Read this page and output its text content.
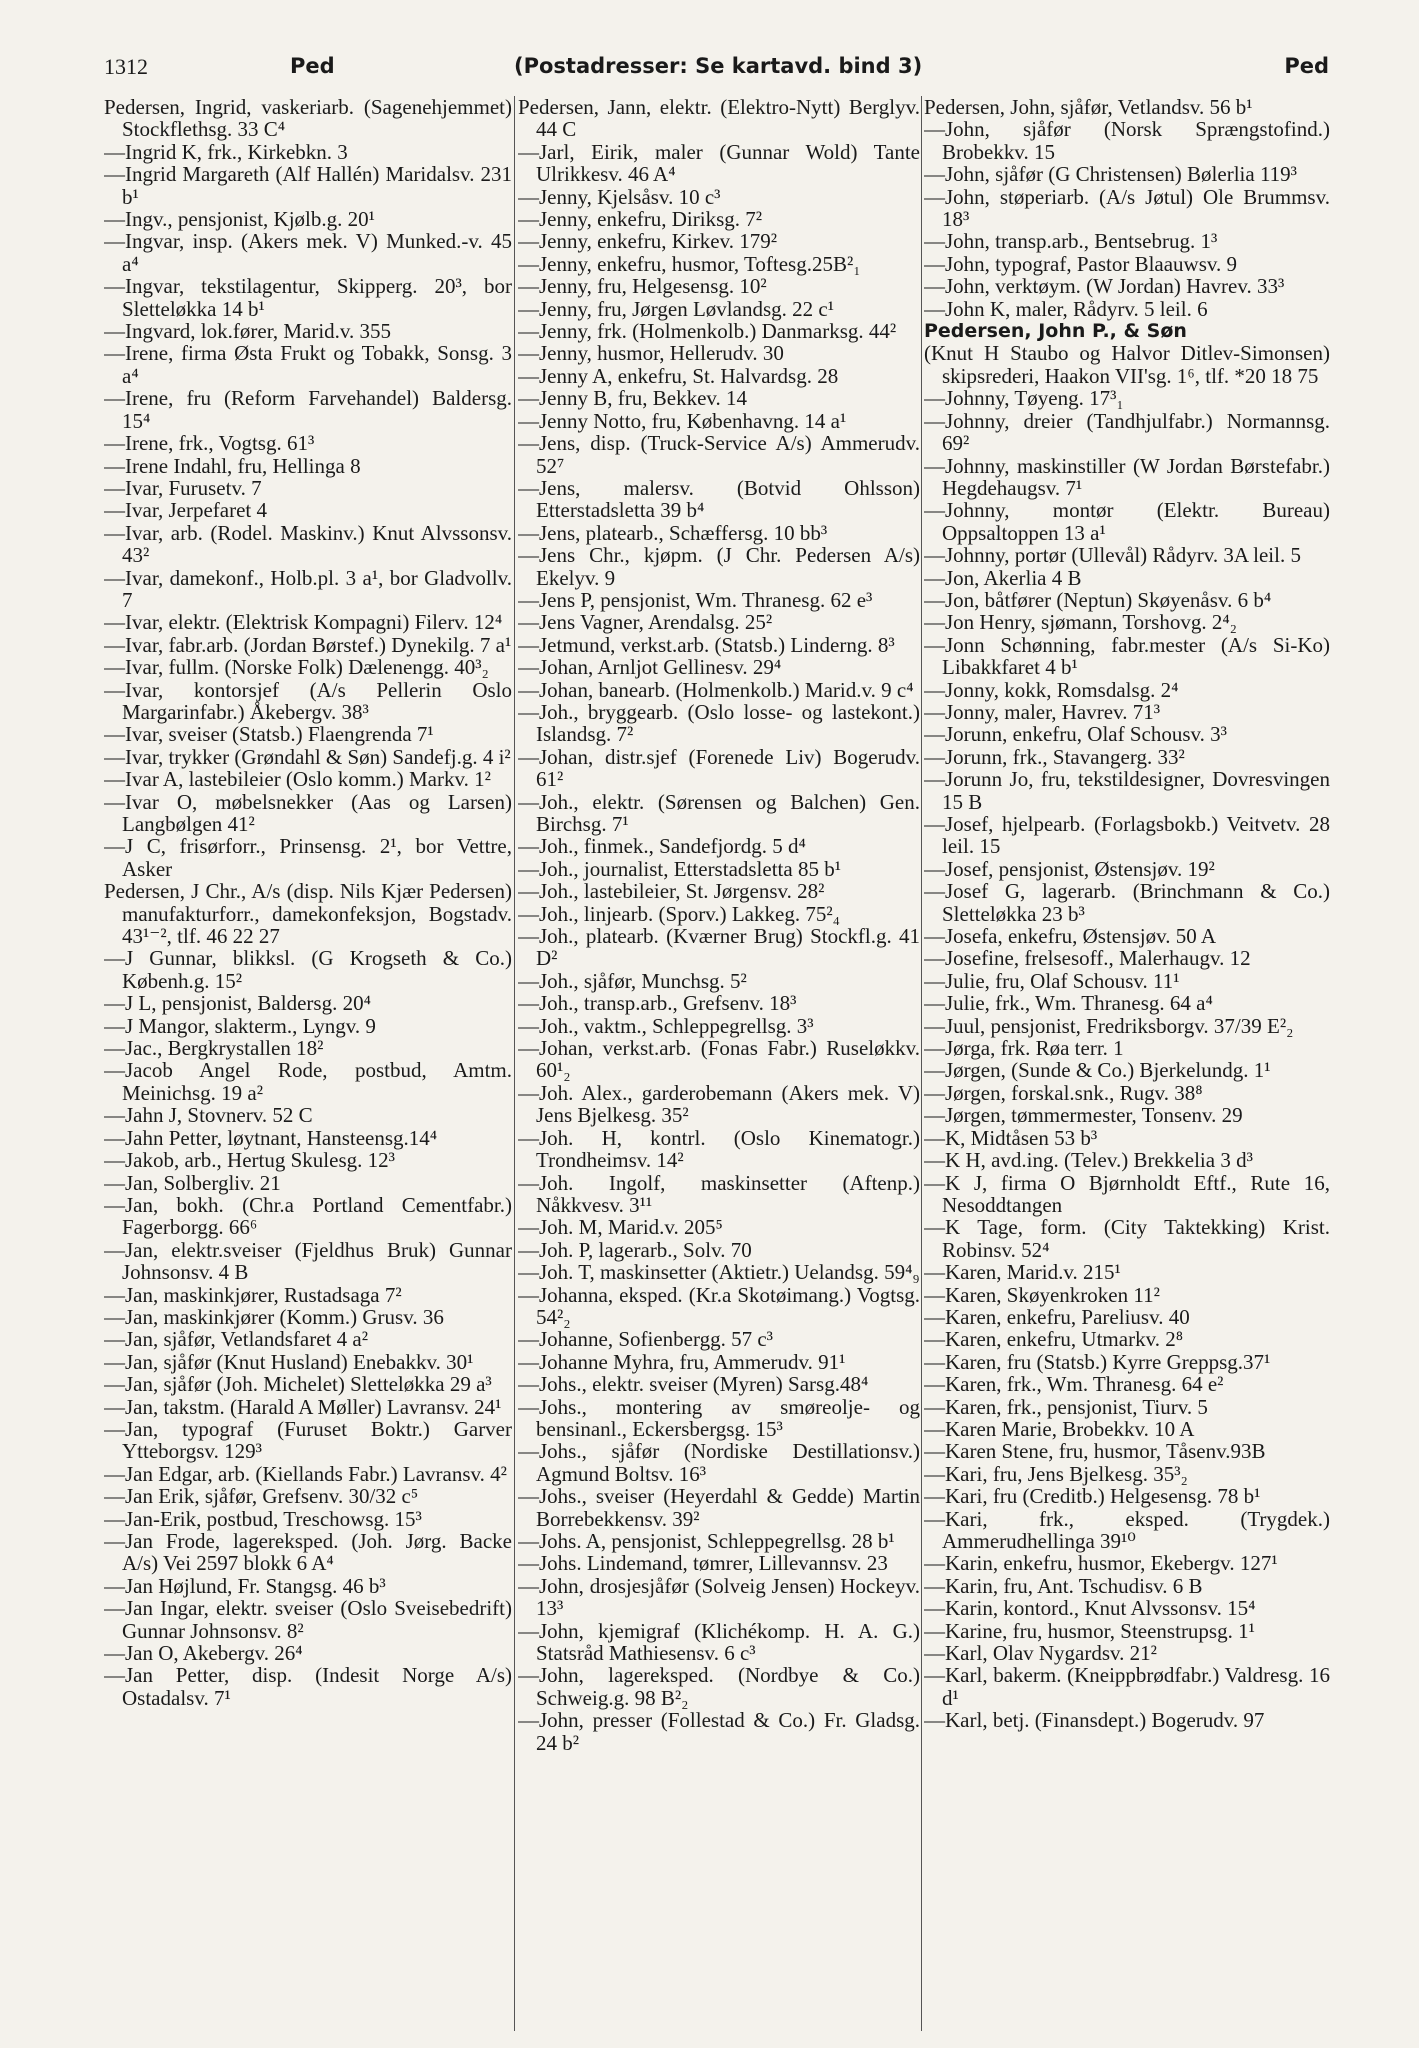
1312	Ped	(Postadresser: Se kartavd. bind 3)	Ped
Pedersen, Ingrid, vaskeriarb. (Sagenehjemmet) Stockflethsg. 33 C⁴
—Ingrid K, frk., Kirkebkn. 3
—Ingrid Margareth (Alf Hallén) Maridalsv. 231 b¹
—Ingv., pensjonist, Kjølb.g. 20¹
—Ingvar, insp. (Akers mek. V) Munked.-v. 45 a⁴
—Ingvar, tekstilagentur, Skipperg. 20³, bor Sletteløkka 14 b¹
—Ingvard, lok.fører, Marid.v. 355
—Irene, firma Østa Frukt og Tobakk, Sonsg. 3 a⁴
—Irene, fru (Reform Farvehandel) Baldersg. 15⁴
—Irene, frk., Vogtsg. 61³
—Irene Indahl, fru, Hellinga 8
—Ivar, Furusetv. 7
—Ivar, Jerpefaret 4
—Ivar, arb. (Rodel. Maskinv.) Knut Alvssonsv. 43²
—Ivar, damekonf., Holb.pl. 3 a¹, bor Gladvollv. 7
—Ivar, elektr. (Elektrisk Kompagni) Filerv. 12⁴
—Ivar, fabr.arb. (Jordan Børstef.) Dynekilg. 7 a¹
—Ivar, fullm. (Norske Folk) Dælenengg. 40³₂
—Ivar, kontorsjef (A/s Pellerin Oslo Margarinfabr.) Åkebergv. 38³
—Ivar, sveiser (Statsb.) Flaengrenda 7¹
—Ivar, trykker (Grøndahl & Søn) Sandefj.g. 4 i²
—Ivar A, lastebileier (Oslo komm.) Markv. 1²
—Ivar O, møbelsnekker (Aas og Larsen) Langbølgen 41²
—J C, frisørforr., Prinsensg. 2¹, bor Vettre, Asker
Pedersen, J Chr., A/s (disp. Nils Kjær Pedersen) manufakturforr., damekonfeksjon, Bogstadv. 43¹⁻², tlf. 46 22 27
—J Gunnar, blikksl. (G Krogseth & Co.) Københ.g. 15²
—J L, pensjonist, Baldersg. 20⁴
—J Mangor, slakterm., Lyngv. 9
—Jac., Bergkrystallen 18²
—Jacob Angel Rode, postbud, Amtm. Meinichsg. 19 a²
—Jahn J, Stovnerv. 52 C
—Jahn Petter, løytnant, Hansteensg.14⁴
—Jakob, arb., Hertug Skulesg. 12³
—Jan, Solbergliv. 21
—Jan, bokh. (Chr.a Portland Cementfabr.) Fagerborgg. 66⁶
—Jan, elektr.sveiser (Fjeldhus Bruk) Gunnar Johnsonsv. 4 B
—Jan, maskinkjører, Rustadsaga 7²
—Jan, maskinkjører (Komm.) Grusv. 36
—Jan, sjåfør, Vetlandsfaret 4 a²
—Jan, sjåfør (Knut Husland) Enebakkv. 30¹
—Jan, sjåfør (Joh. Michelet) Sletteløkka 29 a³
—Jan, takstm. (Harald A Møller) Lavransv. 24¹
—Jan, typograf (Furuset Boktr.) Garver Ytteborgsv. 129³
—Jan Edgar, arb. (Kiellands Fabr.) Lavransv. 4²
—Jan Erik, sjåfør, Grefsenv. 30/32 c⁵
—Jan-Erik, postbud, Treschowsg. 15³
—Jan Frode, lagereksped. (Joh. Jørg. Backe A/s) Vei 2597 blokk 6 A⁴
—Jan Højlund, Fr. Stangsg. 46 b³
—Jan Ingar, elektr. sveiser (Oslo Sveisebedrift) Gunnar Johnsonsv. 8²
—Jan O, Akebergv. 26⁴
—Jan Petter, disp. (Indesit Norge A/s) Ostadalsv. 7¹
Pedersen, Jann, elektr. (Elektro-Nytt) Berglyv. 44 C
—Jarl, Eirik, maler (Gunnar Wold) Tante Ulrikkesv. 46 A⁴
—Jenny, Kjelsåsv. 10 c³
—Jenny, enkefru, Diriksg. 7²
—Jenny, enkefru, Kirkev. 179²
—Jenny, enkefru, husmor, Toftesg.25B²₁
—Jenny, fru, Helgesensg. 10²
—Jenny, fru, Jørgen Løvlandsg. 22 c¹
—Jenny, frk. (Holmenkolb.) Danmarksg. 44²
—Jenny, husmor, Hellerudv. 30
—Jenny A, enkefru, St. Halvardsg. 28
—Jenny B, fru, Bekkev. 14
—Jenny Notto, fru, Københavng. 14 a¹
—Jens, disp. (Truck-Service A/s) Ammerudv. 52⁷
—Jens, malersv. (Botvid Ohlsson) Etterstadsletta 39 b⁴
—Jens, platearb., Schæffersg. 10 bb³
—Jens Chr., kjøpm. (J Chr. Pedersen A/s) Ekelyv. 9
—Jens P, pensjonist, Wm. Thranesg. 62 e³
—Jens Vagner, Arendalsg. 25²
—Jetmund, verkst.arb. (Statsb.) Linderng. 8³
—Johan, Arnljot Gellinesv. 29⁴
—Johan, banearb. (Holmenkolb.) Marid.v. 9 c⁴
—Joh., bryggearb. (Oslo losse- og lastekont.) Islandsg. 7²
—Johan, distr.sjef (Forenede Liv) Bogerudv. 61²
—Joh., elektr. (Sørensen og Balchen) Gen. Birchsg. 7¹
—Joh., finmek., Sandefjordg. 5 d⁴
—Joh., journalist, Etterstadsletta 85 b¹
—Joh., lastebileier, St. Jørgensv. 28²
—Joh., linjearb. (Sporv.) Lakkeg. 75²₄
—Joh., platearb. (Kværner Brug) Stockfl.g. 41 D²
—Joh., sjåfør, Munchsg. 5²
—Joh., transp.arb., Grefsenv. 18³
—Joh., vaktm., Schleppegrellsg. 3³
—Johan, verkst.arb. (Fonas Fabr.) Ruseløkkv. 60¹₂
—Joh. Alex., garderobemann (Akers mek. V) Jens Bjelkesg. 35²
—Joh. H, kontrl. (Oslo Kinematogr.) Trondheimsv. 14²
—Joh. Ingolf, maskinsetter (Aftenp.) Nåkkvesv. 3¹¹
—Joh. M, Marid.v. 205⁵
—Joh. P, lagerarb., Solv. 70
—Joh. T, maskinsetter (Aktietr.) Uelandsg. 59⁴₉
—Johanna, eksped. (Kr.a Skotøimang.) Vogtsg. 54²₂
—Johanne, Sofienbergg. 57 c³
—Johanne Myhra, fru, Ammerudv. 91¹
—Johs., elektr. sveiser (Myren) Sarsg.48⁴
—Johs., montering av smøreolje- og bensinanl., Eckersbergsg. 15³
—Johs., sjåfør (Nordiske Destillationsv.) Agmund Boltsv. 16³
—Johs., sveiser (Heyerdahl & Gedde) Martin Borrebekkensv. 39²
—Johs. A, pensjonist, Schleppegrellsg. 28 b¹
—Johs. Lindemand, tømrer, Lillevannsv. 23
—John, drosjesjåfør (Solveig Jensen) Hockeyv. 13³
—John, kjemigraf (Klichékomp. H. A. G.) Statsråd Mathiesensv. 6 c³
—John, lagereksped. (Nordbye & Co.) Schweig.g. 98 B²₂
—John, presser (Follestad & Co.) Fr. Gladsg. 24 b²
Pedersen, John, sjåfør, Vetlandsv. 56 b¹
—John, sjåfør (Norsk Sprængstofind.) Brobekkv. 15
—John, sjåfør (G Christensen) Bølerlia 119³
—John, støperiarb. (A/s Jøtul) Ole Brummsv. 18³
—John, transp.arb., Bentsebrug. 1³
—John, typograf, Pastor Blaauwsv. 9
—John, verktøym. (W Jordan) Havrev. 33³
—John K, maler, Rådyrv. 5 leil. 6
Pedersen, John P., & Søn
(Knut H Staubo og Halvor Ditlev-Simonsen) skipsrederi, Haakon VII'sg. 1⁶, tlf. *20 18 75
—Johnny, Tøyeng. 17³₁
—Johnny, dreier (Tandhjulfabr.) Normannsg. 69²
—Johnny, maskinstiller (W Jordan Børstefabr.) Hegdehaugsv. 7¹
—Johnny, montør (Elektr. Bureau) Oppsaltoppen 13 a¹
—Johnny, portør (Ullevål) Rådyrv. 3A leil. 5
—Jon, Akerlia 4 B
—Jon, båtfører (Neptun) Skøyenåsv. 6 b⁴
—Jon Henry, sjømann, Torshovg. 2⁴₂
—Jonn Schønning, fabr.mester (A/s Si-Ko) Libakkfaret 4 b¹
—Jonny, kokk, Romsdalsg. 2⁴
—Jonny, maler, Havrev. 71³
—Jorunn, enkefru, Olaf Schousv. 3³
—Jorunn, frk., Stavangerg. 33²
—Jorunn Jo, fru, tekstildesigner, Dovresvingen 15 B
—Josef, hjelpearb. (Forlagsbokb.) Veitvetv. 28 leil. 15
—Josef, pensjonist, Østensjøv. 19²
—Josef G, lagerarb. (Brinchmann & Co.) Sletteløkka 23 b³
—Josefa, enkefru, Østensjøv. 50 A
—Josefine, frelsesoff., Malerhaugv. 12
—Julie, fru, Olaf Schousv. 11¹
—Julie, frk., Wm. Thranesg. 64 a⁴
—Juul, pensjonist, Fredriksborgv. 37/39 E²₂
—Jørga, frk. Røa terr. 1
—Jørgen, (Sunde & Co.) Bjerkelundg. 1¹
—Jørgen, forskal.snk., Rugv. 38⁸
—Jørgen, tømmermester, Tonsenv. 29
—K, Midtåsen 53 b³
—K H, avd.ing. (Telev.) Brekkelia 3 d³
—K J, firma O Bjørnholdt Eftf., Rute 16, Nesoddtangen
—K Tage, form. (City Taktekking) Krist. Robinsv. 52⁴
—Karen, Marid.v. 215¹
—Karen, Skøyenkroken 11²
—Karen, enkefru, Pareliusv. 40
—Karen, enkefru, Utmarkv. 2⁸
—Karen, fru (Statsb.) Kyrre Greppsg.37¹
—Karen, frk., Wm. Thranesg. 64 e²
—Karen, frk., pensjonist, Tiurv. 5
—Karen Marie, Brobekkv. 10 A
—Karen Stene, fru, husmor, Tåsenv.93B
—Kari, fru, Jens Bjelkesg. 35³₂
—Kari, fru (Creditb.) Helgesensg. 78 b¹
—Kari, frk., eksped. (Trygdek.) Ammerudhellinga 39¹⁰
—Karin, enkefru, husmor, Ekebergv. 127¹
—Karin, fru, Ant. Tschudisv. 6 B
—Karin, kontord., Knut Alvssonsv. 15⁴
—Karine, fru, husmor, Steenstrupsg. 1¹
—Karl, Olav Nygardsv. 21²
—Karl, bakerm. (Kneippbrødfabr.) Valdresg. 16 d¹
—Karl, betj. (Finansdept.) Bogerudv. 97
